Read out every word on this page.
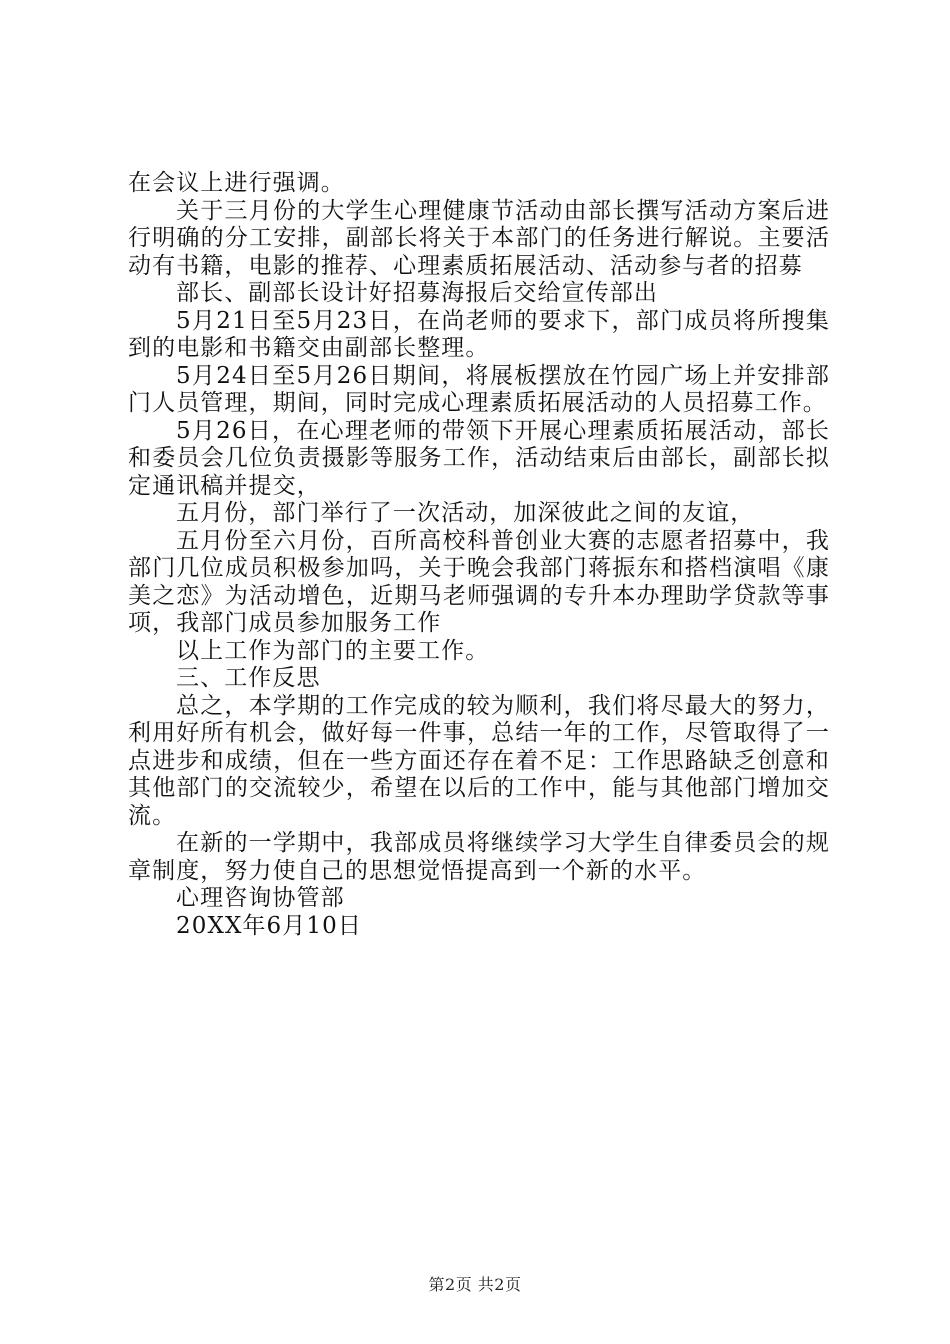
在会议上进行强调。

关于三月份的大学生心理健康节活动由部长撰写活动方案后进行明确的分工安排，副部长将关于本部门的任务进行解说。主要活动有书籍，电影的推荐、心理素质拓展活动、活动参与者的招募

部长、副部长设计好招募海报后交给宣传部出

5月21日至5月23日，在尚老师的要求下，部门成员将所搜集到的电影和书籍交由副部长整理。

5月24日至5月26日期间，将展板摆放在竹园广场上并安排部门人员管理，期间，同时完成心理素质拓展活动的人员招募工作。

5月26日，在心理老师的带领下开展心理素质拓展活动，部长和委员会几位负责摄影等服务工作，活动结束后由部长，副部长拟定通讯稿并提交，

五月份，部门举行了一次活动，加深彼此之间的友谊，

五月份至六月份，百所高校科普创业大赛的志愿者招募中，我部门几位成员积极参加吗，关于晚会我部门蒋振东和搭档演唱《康美之恋》为活动增色，近期马老师强调的专升本办理助学贷款等事项，我部门成员参加服务工作

以上工作为部门的主要工作。

三、工作反思

总之，本学期的工作完成的较为顺利，我们将尽最大的努力，利用好所有机会，做好每一件事，总结一年的工作，尽管取得了一点进步和成绩，但在一些方面还存在着不足：工作思路缺乏创意和其他部门的交流较少，希望在以后的工作中，能与其他部门增加交流。

在新的一学期中，我部成员将继续学习大学生自律委员会的规章制度，努力使自己的思想觉悟提高到一个新的水平。

心理咨询协管部

20XX年6月10日

第2页 共2页
